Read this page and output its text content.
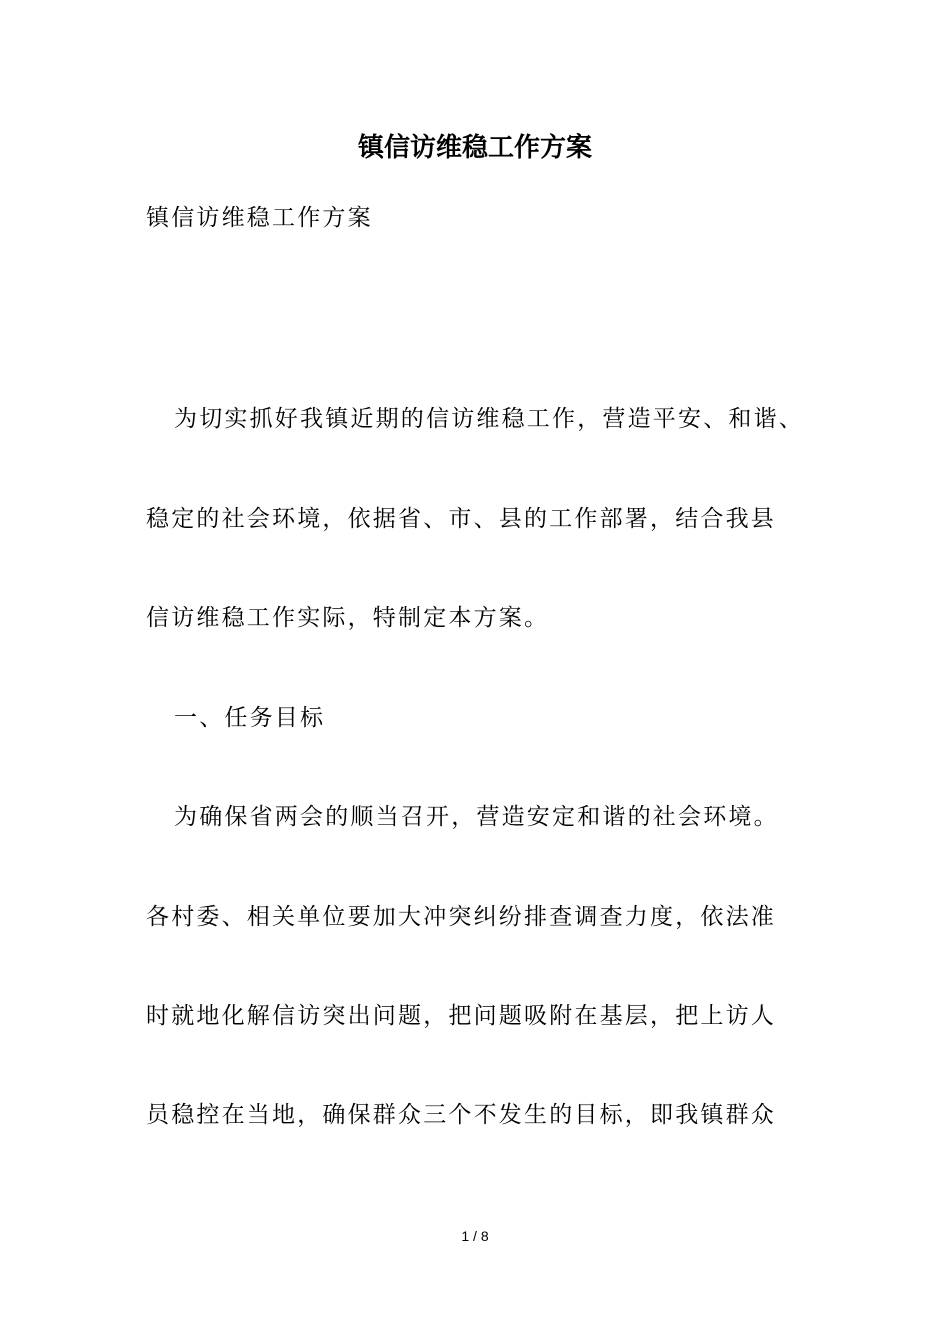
镇信访维稳工作方案
镇信访维稳工作方案
为切实抓好我镇近期的信访维稳工作，营造平安、和谐、
稳定的社会环境，依据省、市、县的工作部署，结合我县
信访维稳工作实际，特制定本方案。
一、任务目标
为确保省两会的顺当召开，营造安定和谐的社会环境。
各村委、相关单位要加大冲突纠纷排查调查力度，依法准
时就地化解信访突出问题，把问题吸附在基层，把上访人
员稳控在当地，确保群众三个不发生的目标，即我镇群众
1 / 8
